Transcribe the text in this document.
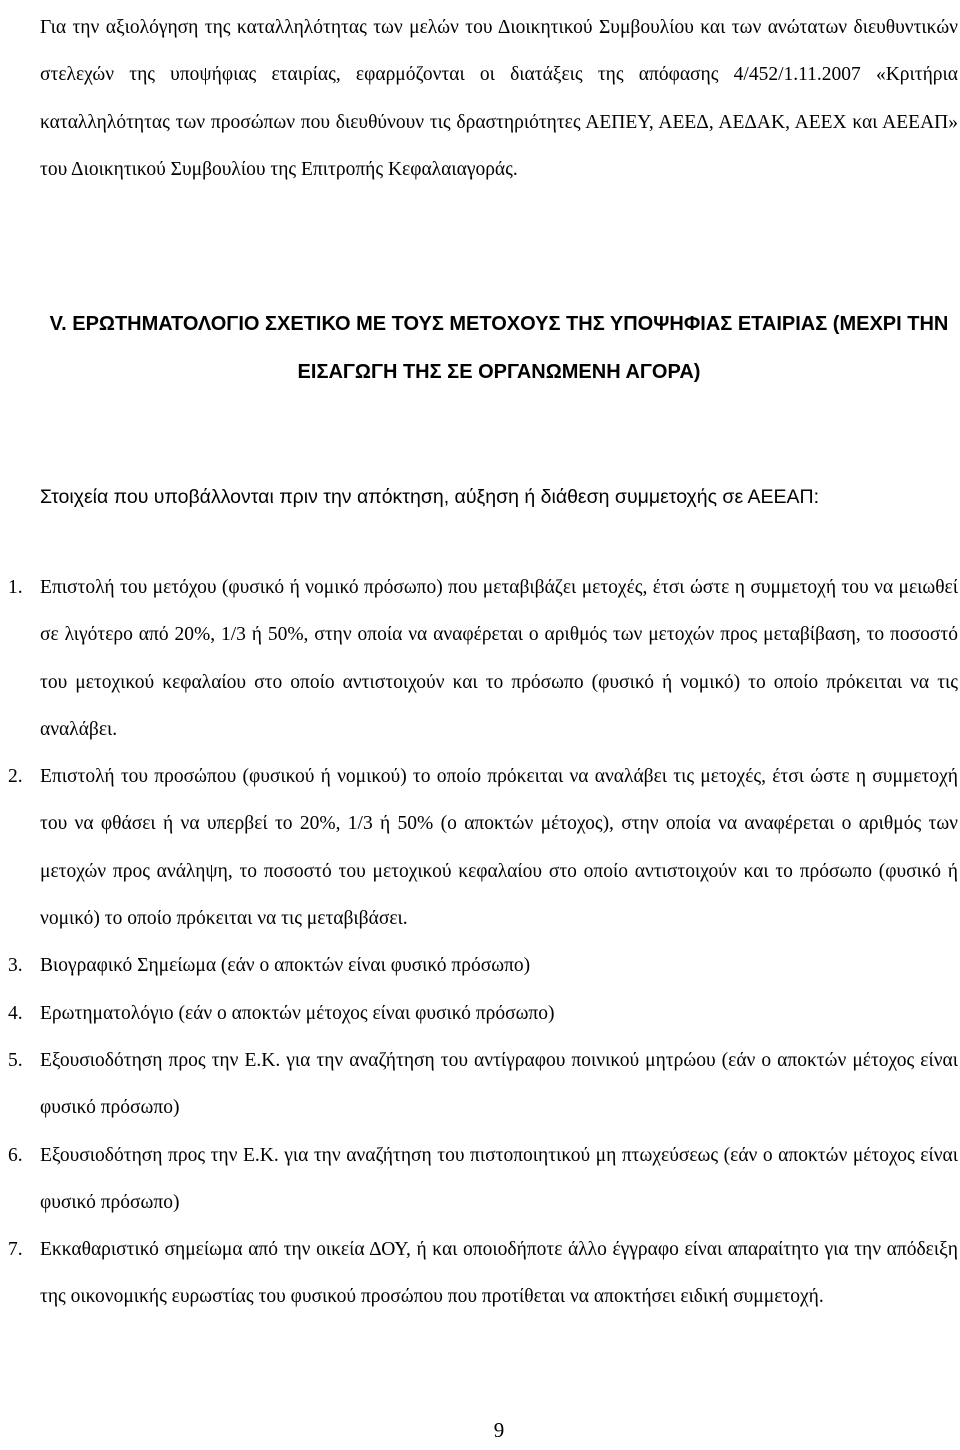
Για την αξιολόγηση της καταλληλότητας των μελών του Διοικητικού Συμβουλίου και των ανώτατων διευθυντικών στελεχών της υποψήφιας εταιρίας, εφαρμόζονται οι διατάξεις της απόφασης 4/452/1.11.2007 «Κριτήρια καταλληλότητας των προσώπων που διευθύνουν τις δραστηριότητες ΑΕΠΕΥ, ΑΕΕΔ, ΑΕΔΑΚ, ΑΕΕΧ και ΑΕΕΑΠ» του Διοικητικού Συμβουλίου της Επιτροπής Κεφαλαιαγοράς.

V. ΕΡΩΤΗΜΑΤΟΛΟΓΙΟ ΣΧΕΤΙΚΟ ΜΕ ΤΟΥΣ ΜΕΤΟΧΟΥΣ ΤΗΣ ΥΠΟΨΗΦΙΑΣ ΕΤΑΙΡΙΑΣ (ΜΕΧΡΙ ΤΗΝ ΕΙΣΑΓΩΓΗ ΤΗΣ ΣΕ ΟΡΓΑΝΩΜΕΝΗ ΑΓΟΡΑ)

Στοιχεία που υποβάλλονται πριν την απόκτηση, αύξηση ή διάθεση συμμετοχής σε ΑΕΕΑΠ:

1. Επιστολή του μετόχου (φυσικό ή νομικό πρόσωπο) που μεταβιβάζει μετοχές, έτσι ώστε η συμμετοχή του να μειωθεί σε λιγότερο από 20%, 1/3 ή 50%, στην οποία να αναφέρεται ο αριθμός των μετοχών προς μεταβίβαση, το ποσοστό του μετοχικού κεφαλαίου στο οποίο αντιστοιχούν και το πρόσωπο (φυσικό ή νομικό) το οποίο πρόκειται να τις αναλάβει.
2. Επιστολή του προσώπου (φυσικού ή νομικού) το οποίο πρόκειται να αναλάβει τις μετοχές, έτσι ώστε η συμμετοχή του να φθάσει ή να υπερβεί το 20%, 1/3 ή 50% (ο αποκτών μέτοχος), στην οποία να αναφέρεται ο αριθμός των μετοχών προς ανάληψη, το ποσοστό του μετοχικού κεφαλαίου στο οποίο αντιστοιχούν και το πρόσωπο (φυσικό ή νομικό) το οποίο πρόκειται να τις μεταβιβάσει.
3. Βιογραφικό Σημείωμα (εάν ο αποκτών είναι φυσικό πρόσωπο)
4. Ερωτηματολόγιο (εάν ο αποκτών μέτοχος είναι φυσικό πρόσωπο)
5. Εξουσιοδότηση προς την Ε.Κ. για την αναζήτηση του αντίγραφου ποινικού μητρώου (εάν ο αποκτών μέτοχος είναι φυσικό πρόσωπο)
6. Εξουσιοδότηση προς την Ε.Κ. για την αναζήτηση του πιστοποιητικού μη πτωχεύσεως (εάν ο αποκτών μέτοχος είναι φυσικό πρόσωπο)
7. Εκκαθαριστικό σημείωμα από την οικεία ΔΟΥ, ή και οποιοδήποτε άλλο έγγραφο είναι απαραίτητο για την απόδειξη της οικονομικής ευρωστίας του φυσικού προσώπου που προτίθεται να αποκτήσει ειδική συμμετοχή.
9
